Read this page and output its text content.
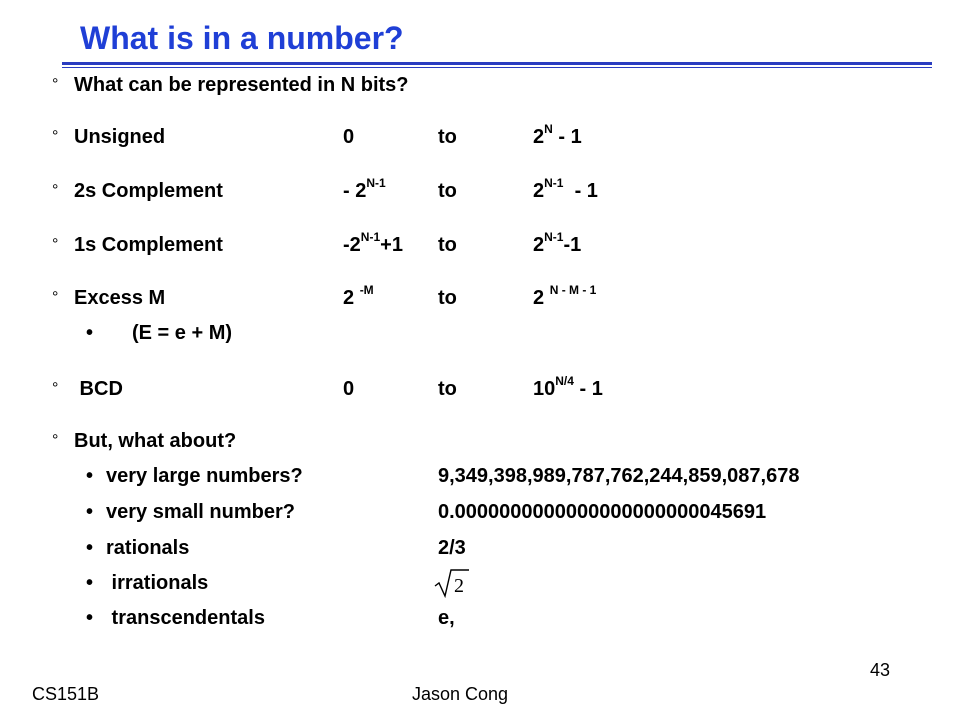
What is in a number?
° What can be represented in N bits?
° Unsigned	0	to	$2^N - 1$
° 2s Complement	- $2^{N-1}$	to	$2^{N-1} - 1$
° 1s Complement	$-2^{N-1}+1$ to	$2^{N-1}-1$
° Excess M	2 $^{-M}$	to	2 $^{N - M - 1}$
• (E = e + M)
° BCD	0	to	$10^{N/4} - 1$
° But, what about?
• very large numbers?	9,349,398,989,787,762,244,859,087,678
• very small number?	0.0000000000000000000000045691
• rationals	2/3
• irrationals	2
• transcendentals	e,
CS151B	Jason Cong
43
